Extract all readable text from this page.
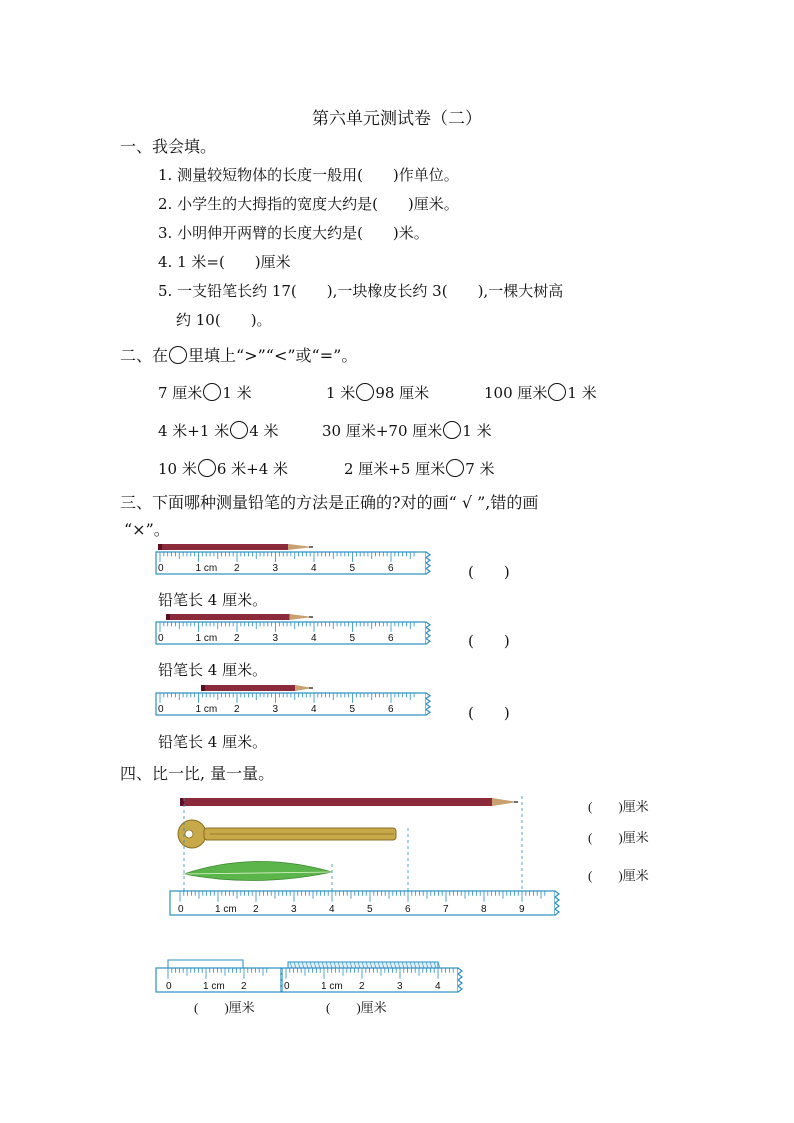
第六单元测试卷（二）
一、我会填。
1. 测量较短物体的长度一般用(　　)作单位。
2. 小学生的大拇指的宽度大约是(　　)厘米。
3. 小明伸开两臂的长度大约是(　　)米。
4. 1 米=(　　)厘米
5. 一支铅笔长约 17(　　),一块橡皮长约 3(　　),一棵大树高
约 10(　　)。
二、在 里填上“>”“<”或“=”。
7 厘米 1 米	1 米 98 厘米	100 厘米 1 米
4 米+1 米 4 米	30 厘米+70 厘米 1 米
10 米 6 米+4 米	2 厘米+5 厘米 7 米
三、下面哪种测量铅笔的方法是正确的?对的画“ √ ”,错的画
“×”。
0	1 cm 2	3	4	5	6	(　　)
铅笔长 4 厘米。
0	1 cm 2	3	4	5	6	(　　)
铅笔长 4 厘米。
0	1 cm 2	3	4	5	6	(　　)
铅笔长 4 厘米。
四、比一比, 量一量。
0	1 cm 2	3	4	5	6	7	8	9
(　　)厘米
(　　)厘米
(　　)厘米
0	1 cm 2	0	1 cm 2	3	4
(　　)厘米	(　　)厘米
